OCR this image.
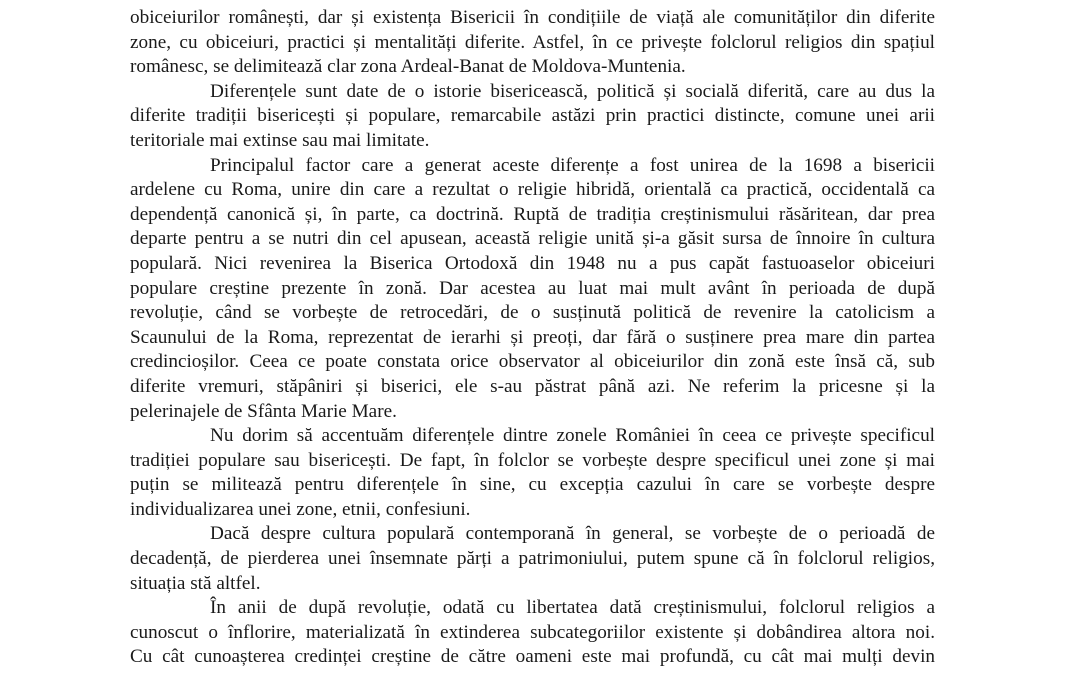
obiceiurilor românești, dar și existența Bisericii în condițiile de viață ale comunităților din diferite
zone, cu obiceiuri, practici și mentalități diferite. Astfel, în ce privește folclorul religios din spațiul
românesc, se delimitează clar zona Ardeal-Banat de Moldova-Muntenia.
Diferențele sunt date de o istorie bisericească, politică și socială diferită, care au dus la
diferite tradiții bisericești și populare, remarcabile astăzi prin practici distincte, comune unei arii
teritoriale mai extinse sau mai limitate.
Principalul factor care a generat aceste diferențe a fost unirea de la 1698 a bisericii
ardelene cu Roma, unire din care a rezultat o religie hibridă, orientală ca practică, occidentală ca
dependență canonică și, în parte, ca doctrină. Ruptă de tradiția creștinismului răsăritean, dar prea
departe pentru a se nutri din cel apusean, această religie unită și-a găsit sursa de înnoire în cultura
populară. Nici revenirea la Biserica Ortodoxă din 1948 nu a pus capăt fastuoaselor obiceiuri
populare creștine prezente în zonă. Dar acestea au luat mai mult avânt în perioada de după
revoluție, când se vorbește de retrocedări, de o susținută politică de revenire la catolicism a
Scaunului de la Roma, reprezentat de ierarhi și preoți, dar fără o susținere prea mare din partea
credincioșilor. Ceea ce poate constata orice observator al obiceiurilor din zonă este însă că, sub
diferite vremuri, stăpâniri și biserici, ele s-au păstrat până azi. Ne referim la pricesne și la
pelerinajele de Sfânta Marie Mare.
Nu dorim să accentuăm diferențele dintre zonele României în ceea ce privește specificul
tradiției populare sau bisericești. De fapt, în folclor se vorbește despre specificul unei zone și mai
puțin se militează pentru diferențele în sine, cu excepția cazului în care se vorbește despre
individualizarea unei zone, etnii, confesiuni.
Dacă despre cultura populară contemporană în general, se vorbește de o perioadă de
decadență, de pierderea unei însemnate părți a patrimoniului, putem spune că în folclorul religios,
situația stă altfel.
În anii de după revoluție, odată cu libertatea dată creștinismului, folclorul religios a
cunoscut o înflorire, materializată în extinderea subcategoriilor existente și dobândirea altora noi.
Cu cât cunoașterea credinței creștine de către oameni este mai profundă, cu cât mai mulți devin
